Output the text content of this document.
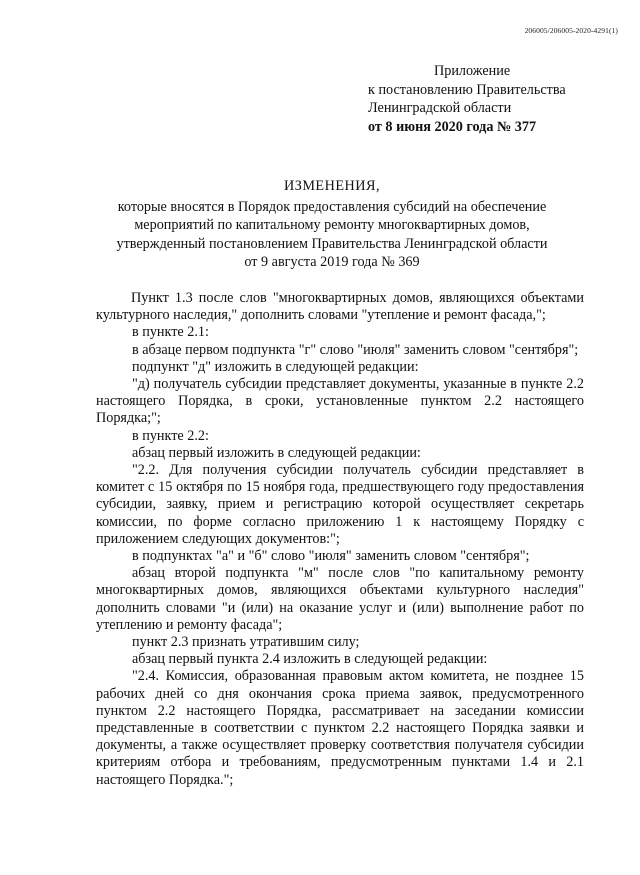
206005/206005-2020-4291(1)
Приложение
к постановлению Правительства
Ленинградской области
от 8 июня 2020 года № 377
ИЗМЕНЕНИЯ,
которые вносятся в Порядок предоставления субсидий на обеспечение
мероприятий по капитальному ремонту многоквартирных домов,
утвержденный постановлением Правительства Ленинградской области
от 9 августа 2019 года № 369

Пункт 1.3 после слов "многоквартирных домов, являющихся объектами культурного наследия," дополнить словами "утепление и ремонт фасада,";

в пункте 2.1:

в абзаце первом подпункта "г" слово "июля" заменить словом "сентября";

подпункт "д" изложить в следующей редакции:

"д) получатель субсидии представляет документы, указанные в пункте 2.2 настоящего Порядка, в сроки, установленные пунктом 2.2 настоящего Порядка;";

в пункте 2.2:

абзац первый изложить в следующей редакции:

"2.2. Для получения субсидии получатель субсидии представляет в комитет с 15 октября по 15 ноября года, предшествующего году предоставления субсидии, заявку, прием и регистрацию которой осуществляет секретарь комиссии, по форме согласно приложению 1 к настоящему Порядку с приложением следующих документов:";

в подпунктах "а" и "б" слово "июля" заменить словом "сентября";

абзац второй подпункта "м" после слов "по капитальному ремонту многоквартирных домов, являющихся объектами культурного наследия" дополнить словами "и (или) на оказание услуг и (или) выполнение работ по утеплению и ремонту фасада";

пункт 2.3 признать утратившим силу;

абзац первый пункта 2.4 изложить в следующей редакции:

"2.4. Комиссия, образованная правовым актом комитета, не позднее 15 рабочих дней со дня окончания срока приема заявок, предусмотренного пунктом 2.2 настоящего Порядка, рассматривает на заседании комиссии представленные в соответствии с пунктом 2.2 настоящего Порядка заявки и документы, а также осуществляет проверку соответствия получателя субсидии критериям отбора и требованиям, предусмотренным пунктами 1.4 и 2.1 настоящего Порядка.";
